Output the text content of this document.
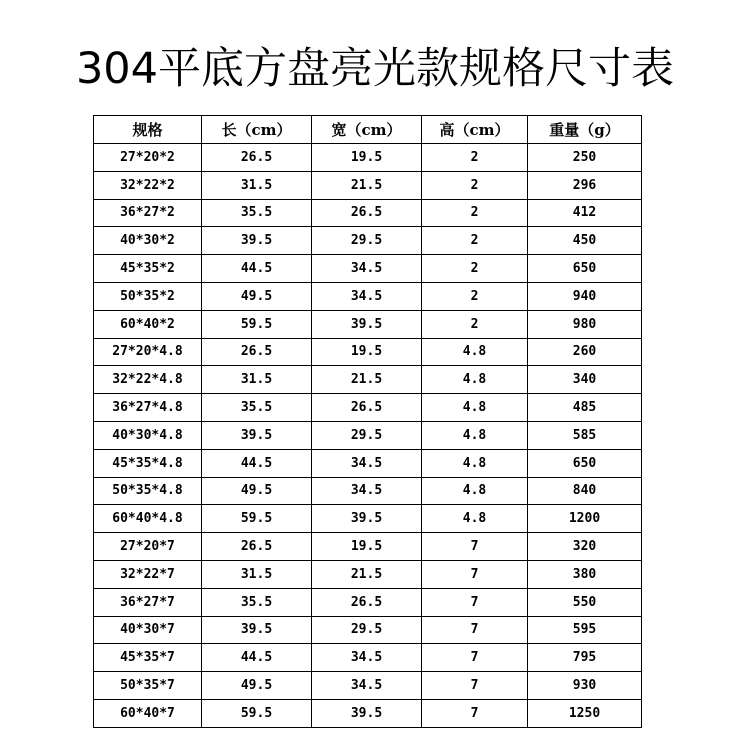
304平底方盘亮光款规格尺寸表
规格	长（cm）	宽（cm）	高（cm）	重量（g）
27*20*2	26.5	19.5	2	250
32*22*2	31.5	21.5	2	296
36*27*2	35.5	26.5	2	412
40*30*2	39.5	29.5	2	450
45*35*2	44.5	34.5	2	650
50*35*2	49.5	34.5	2	940
60*40*2	59.5	39.5	2	980
27*20*4.8	26.5	19.5	4.8	260
32*22*4.8	31.5	21.5	4.8	340
36*27*4.8	35.5	26.5	4.8	485
40*30*4.8	39.5	29.5	4.8	585
45*35*4.8	44.5	34.5	4.8	650
50*35*4.8	49.5	34.5	4.8	840
60*40*4.8	59.5	39.5	4.8	1200
27*20*7	26.5	19.5	7	320
32*22*7	31.5	21.5	7	380
36*27*7	35.5	26.5	7	550
40*30*7	39.5	29.5	7	595
45*35*7	44.5	34.5	7	795
50*35*7	49.5	34.5	7	930
60*40*7	59.5	39.5	7	1250
